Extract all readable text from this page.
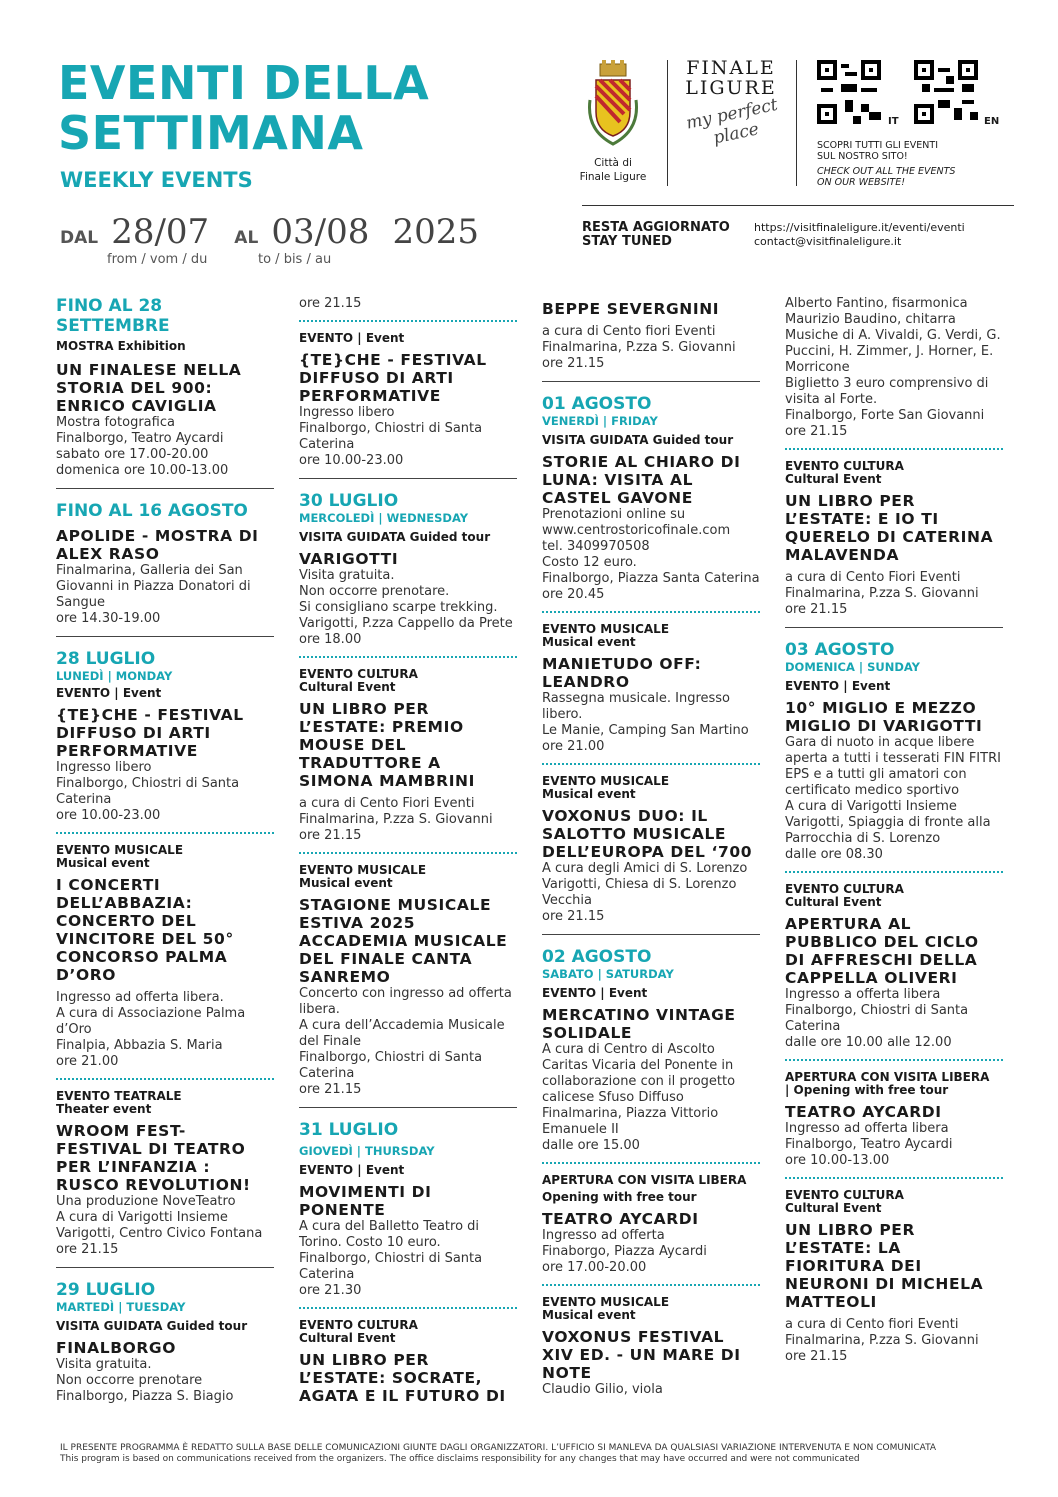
EVENTI DELLA
SETTIMANA
WEEKLY EVENTS
DAL 28/07 AL 03/08 2025
from / vom / du	to / bis / au
Città di
Finale Ligure
FINALE
LIGURE
my perfect place	IT	EN
SCOPRI TUTTI GLI EVENTI
SUL NOSTRO SITO!
CHECK OUT ALL THE EVENTS
ON OUR WEBSITE!
RESTA AGGIORNATO
STAY TUNED
https://visitfinaleligure.it/eventi/eventi
contact@visitfinaleligure.it
FINO AL 28
SETTEMBRE
MOSTRA Exhibition
UN FINALESE NELLA STORIA DEL 900: ENRICO CAVIGLIA
Mostra fotografica
Finalborgo, Teatro Aycardi
sabato ore 17.00-20.00
domenica ore 10.00-13.00
FINO AL 16 AGOSTO
APOLIDE - MOSTRA DI ALEX RASO
Finalmarina, Galleria dei San Giovanni in Piazza Donatori di Sangue
ore 14.30-19.00
28 LUGLIO
LUNEDÌ | MONDAY
EVENTO | Event
{TE}CHE - FESTIVAL DIFFUSO DI ARTI PERFORMATIVE
Ingresso libero
Finalborgo, Chiostri di Santa Caterina
ore 10.00-23.00
EVENTO MUSICALE
Musical event
I CONCERTI DELL’ABBAZIA: CONCERTO DEL VINCITORE DEL 50° CONCORSO PALMA D’ORO
Ingresso ad offerta libera.
A cura di Associazione Palma d’Oro
Finalpia, Abbazia S. Maria
ore 21.00
EVENTO TEATRALE
Theater event
WROOM FEST- FESTIVAL DI TEATRO PER L’INFANZIA : RUSCO REVOLUTION!
Una produzione NoveTeatro
A cura di Varigotti Insieme
Varigotti, Centro Civico Fontana
ore 21.15
29 LUGLIO
MARTEDÌ | TUESDAY
VISITA GUIDATA Guided tour
FINALBORGO
Visita gratuita.
Non occorre prenotare
Finalborgo, Piazza S. Biagio
ore 21.15
EVENTO | Event
{TE}CHE - FESTIVAL DIFFUSO DI ARTI PERFORMATIVE
Ingresso libero
Finalborgo, Chiostri di Santa Caterina
ore 10.00-23.00
30 LUGLIO
MERCOLEDÌ | WEDNESDAY
VISITA GUIDATA Guided tour
VARIGOTTI
Visita gratuita.
Non occorre prenotare.
Si consigliano scarpe trekking.
Varigotti, P.zza Cappello da Prete
ore 18.00
EVENTO CULTURA
Cultural Event
UN LIBRO PER L’ESTATE: PREMIO MOUSE DEL TRADUTTORE A SIMONA MAMBRINI
a cura di Cento Fiori Eventi
Finalmarina, P.zza S. Giovanni
ore 21.15
EVENTO MUSICALE
Musical event
STAGIONE MUSICALE ESTIVA 2025 ACCADEMIA MUSICALE DEL FINALE CANTA SANREMO
Concerto con ingresso ad offerta libera.
A cura dell’Accademia Musicale del Finale
Finalborgo, Chiostri di Santa Caterina
ore 21.15
31 LUGLIO
GIOVEDÌ | THURSDAY
EVENTO | Event
MOVIMENTI DI PONENTE
A cura del Balletto Teatro di Torino. Costo 10 euro.
Finalborgo, Chiostri di Santa Caterina
ore 21.30
EVENTO CULTURA
Cultural Event
UN LIBRO PER L’ESTATE: SOCRATE, AGATA E IL FUTURO DI
BEPPE SEVERGNINI
a cura di Cento fiori Eventi
Finalmarina, P.zza S. Giovanni
ore 21.15
01 AGOSTO
VENERDÌ | FRIDAY
VISITA GUIDATA Guided tour
STORIE AL CHIARO DI LUNA: VISITA AL CASTEL GAVONE
Prenotazioni online su
www.centrostoricofinale.com
tel. 3409970508
Costo 12 euro.
Finalborgo, Piazza Santa Caterina
ore 20.45
EVENTO MUSICALE
Musical event
MANIETUDO OFF: LEANDRO
Rassegna musicale. Ingresso libero.
Le Manie, Camping San Martino
ore 21.00
EVENTO MUSICALE
Musical event
VOXONUS DUO: IL SALOTTO MUSICALE DELL’EUROPA DEL ‘700
A cura degli Amici di S. Lorenzo
Varigotti, Chiesa di S. Lorenzo Vecchia
ore 21.15
02 AGOSTO
SABATO | SATURDAY
EVENTO | Event
MERCATINO VINTAGE SOLIDALE
A cura di Centro di Ascolto Caritas Vicaria del Ponente in collaborazione con il progetto calicese Sfuso Diffuso
Finalmarina, Piazza Vittorio Emanuele II
dalle ore 15.00
APERTURA CON VISITA LIBERA
Opening with free tour
TEATRO AYCARDI
Ingresso ad offerta
Finaborgo, Piazza Aycardi
ore 17.00-20.00
EVENTO MUSICALE
Musical event
VOXONUS FESTIVAL XIV ED. - UN MARE DI NOTE
Claudio Gilio, viola
Alberto Fantino, fisarmonica
Maurizio Baudino, chitarra
Musiche di A. Vivaldi, G. Verdi, G. Puccini, H. Zimmer, J. Horner, E. Morricone
Biglietto 3 euro comprensivo di visita al Forte.
Finalborgo, Forte San Giovanni
ore 21.15
EVENTO CULTURA
Cultural Event
UN LIBRO PER L’ESTATE: E IO TI QUERELO DI CATERINA MALAVENDA
a cura di Cento Fiori Eventi
Finalmarina, P.zza S. Giovanni
ore 21.15
03 AGOSTO
DOMENICA | SUNDAY
EVENTO | Event
10° MIGLIO E MEZZO MIGLIO DI VARIGOTTI
Gara di nuoto in acque libere aperta a tutti i tesserati FIN FITRI EPS e a tutti gli amatori con certificato medico sportivo
A cura di Varigotti Insieme
Varigotti, Spiaggia di fronte alla Parrocchia di S. Lorenzo
dalle ore 08.30
EVENTO CULTURA
Cultural Event
APERTURA AL PUBBLICO DEL CICLO DI AFFRESCHI DELLA CAPPELLA OLIVERI
Ingresso a offerta libera
Finalborgo, Chiostri di Santa Caterina
dalle ore 10.00 alle 12.00
APERTURA CON VISITA LIBERA
| Opening with free tour
TEATRO AYCARDI
Ingresso ad offerta libera
Finalborgo, Teatro Aycardi
ore 10.00-13.00
EVENTO CULTURA
Cultural Event
UN LIBRO PER L’ESTATE: LA FIORITURA DEI NEURONI DI MICHELA MATTEOLI
a cura di Cento fiori Eventi
Finalmarina, P.zza S. Giovanni
ore 21.15
IL PRESENTE PROGRAMMA È REDATTO SULLA BASE DELLE COMUNICAZIONI GIUNTE DAGLI ORGANIZZATORI. L’UFFICIO SI MANLEVA DA QUALSIASI VARIAZIONE INTERVENUTA E NON COMUNICATA
This program is based on communications received from the organizers. The office disclaims responsibility for any changes that may have occurred and were not communicated
